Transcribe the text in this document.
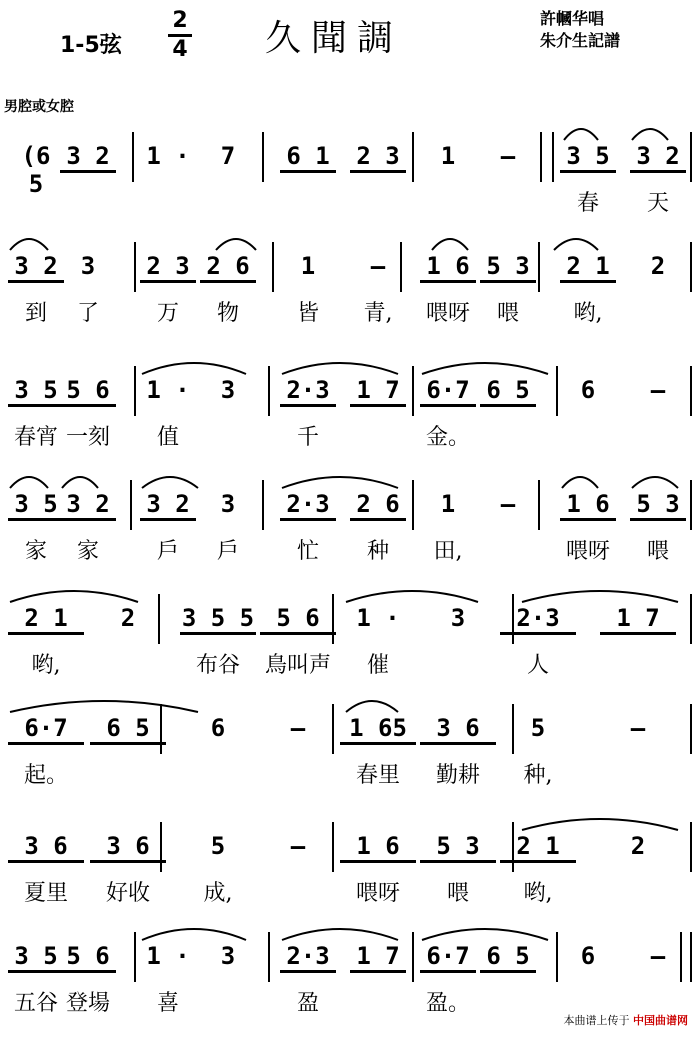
1-5弦
2
4 久聞調	許幗华唱
朱介生記譜
男腔或女腔
(6 5
3 2 1 ·	7	6 1 2 3	1	–	3 5 3 2
春	天
3 2 3	2 3 2 6	1	–	1 6 5 3 2 1	2
到	了	万	物	皆	青,	喂呀	喂	哟,
3 5 5 6 1 ·	3	2·3 1 7 6·7 6 5	6	–
春宵 一刻	值	千	金。
3 5 3 2 3 2	3	2·3 2 6	1	–	1 6 5 3
家	家	戶	戶	忙	种	田,	喂呀	喂
2 1	2	3 5 5 5 6	1 ·	3	2·3	1 7
哟,	布谷	鳥叫声	催	人
6·7	6 5	6	–	1 65	3 6	5	–
起。	春里	勤耕	种,
3 6	3 6	5	–	1 6	5 3	2 1	2
夏里	好收	成,	喂呀	喂	哟,
3 5 5 6 1 ·	3	2·3 1 7 6·7 6 5	6	–
五谷 登場	喜	盈	盈。
本曲谱上传于 中国曲谱网
